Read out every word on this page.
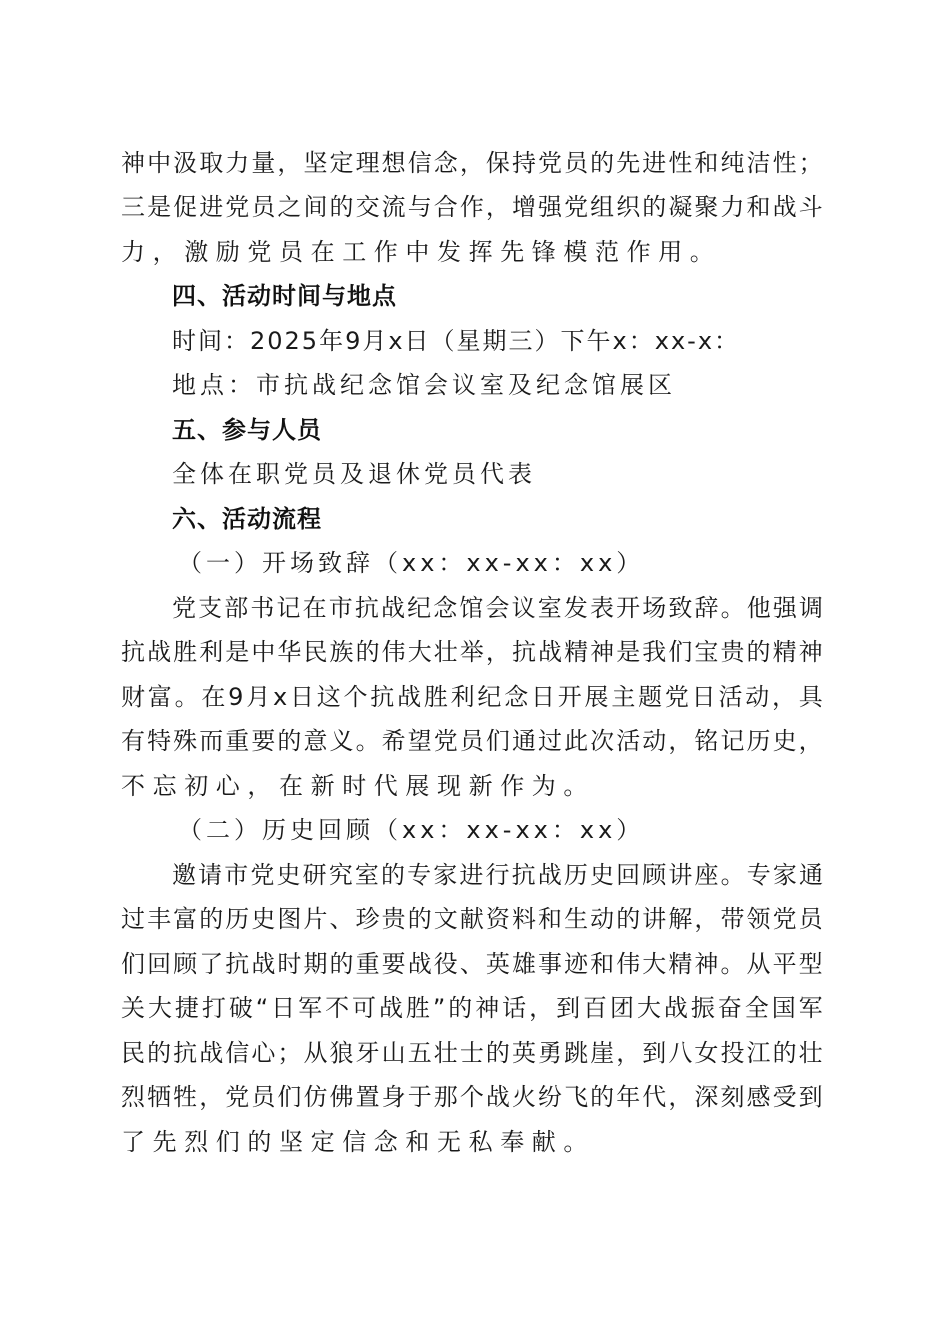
神 中 汲 取 力 量 ， 坚 定 理 想 信 念 ， 保 持 党 员 的 先 进 性 和 纯 洁 性 ；
三 是 促 进 党 员 之 间 的 交 流 与 合 作 ， 增 强 党 组 织 的 凝 聚 力 和 战 斗
力，激励党员在工作中发挥先锋模范作用。
四、活动时间与地点
时间：2025年9月x日（星期三）下午x：xx-x：
地点：市抗战纪念馆会议室及纪念馆展区
五、参与人员
全体在职党员及退休党员代表
六、活动流程
（一）开场致辞（xx：xx-xx：xx）
党 支 部 书 记 在 市 抗 战 纪 念 馆 会 议 室 发 表 开 场 致 辞 。 他 强 调
抗 战 胜 利 是 中 华 民 族 的 伟 大 壮 举 ， 抗 战 精 神 是 我 们 宝 贵 的 精 神
财 富 。 在 9 月 x 日 这 个 抗 战 胜 利 纪 念 日 开 展 主 题 党 日 活 动 ， 具
有 特 殊 而 重 要 的 意 义 。 希 望 党 员 们 通 过 此 次 活 动 ， 铭 记 历 史 ，
不忘初心，在新时代展现新作为。
（二）历史回顾（xx：xx-xx：xx）
邀 请 市 党 史 研 究 室 的 专 家 进 行 抗 战 历 史 回 顾 讲 座 。 专 家 通
过 丰 富 的 历 史 图 片 、 珍 贵 的 文 献 资 料 和 生 动 的 讲 解 ， 带 领 党 员
们 回 顾 了 抗 战 时 期 的 重 要 战 役 、 英 雄 事 迹 和 伟 大 精 神 。 从 平 型
关 大 捷 打 破 “ 日 军 不 可 战 胜 ” 的 神 话 ， 到 百 团 大 战 振 奋 全 国 军
民 的 抗 战 信 心 ； 从 狼 牙 山 五 壮 士 的 英 勇 跳 崖 ， 到 八 女 投 江 的 壮
烈 牺 牲 ， 党 员 们 仿 佛 置 身 于 那 个 战 火 纷 飞 的 年 代 ， 深 刻 感 受 到
了先烈们的坚定信念和无私奉献。
